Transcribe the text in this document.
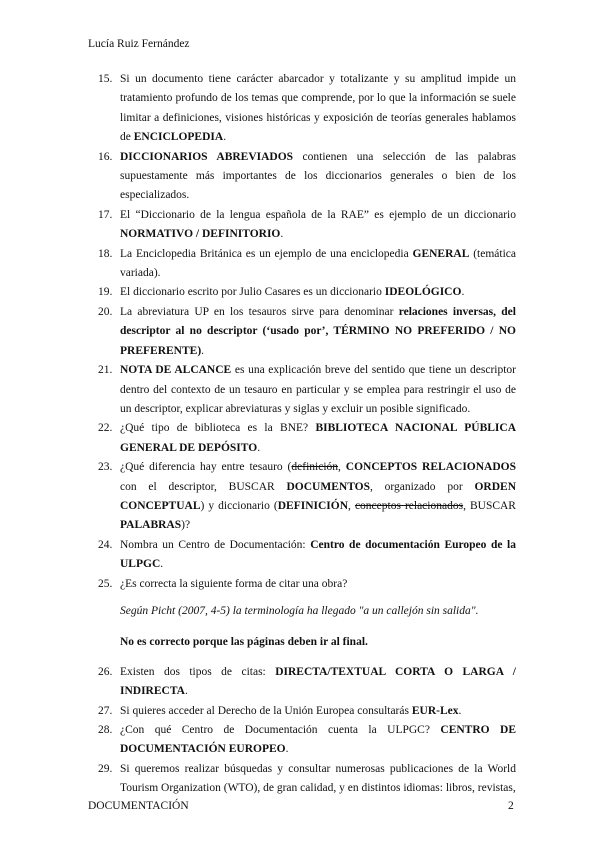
Lucía Ruiz Fernández
15. Si un documento tiene carácter abarcador y totalizante y su amplitud impide un tratamiento profundo de los temas que comprende, por lo que la información se suele limitar a definiciones, visiones históricas y exposición de teorías generales hablamos de ENCICLOPEDIA.
16. DICCIONARIOS ABREVIADOS contienen una selección de las palabras supuestamente más importantes de los diccionarios generales o bien de los especializados.
17. El “Diccionario de la lengua española de la RAE” es ejemplo de un diccionario NORMATIVO / DEFINITORIO.
18. La Enciclopedia Británica es un ejemplo de una enciclopedia GENERAL (temática variada).
19. El diccionario escrito por Julio Casares es un diccionario IDEOLÓGICO.
20. La abreviatura UP en los tesauros sirve para denominar relaciones inversas, del descriptor al no descriptor (‘usado por’, TÉRMINO NO PREFERIDO / NO PREFERENTE).
21. NOTA DE ALCANCE es una explicación breve del sentido que tiene un descriptor dentro del contexto de un tesauro en particular y se emplea para restringir el uso de un descriptor, explicar abreviaturas y siglas y excluir un posible significado.
22. ¿Qué tipo de biblioteca es la BNE? BIBLIOTECA NACIONAL PÚBLICA GENERAL DE DEPÓSITO.
23. ¿Qué diferencia hay entre tesauro (definición, CONCEPTOS RELACIONADOS con el descriptor, BUSCAR DOCUMENTOS, organizado por ORDEN CONCEPTUAL) y diccionario (DEFINICIÓN, conceptos relacionados, BUSCAR PALABRAS)?
24. Nombra un Centro de Documentación: Centro de documentación Europeo de la ULPGC.
25. ¿Es correcta la siguiente forma de citar una obra?
Según Picht (2007, 4-5) la terminología ha llegado "a un callejón sin salida".
No es correcto porque las páginas deben ir al final.
26. Existen dos tipos de citas: DIRECTA/TEXTUAL CORTA O LARGA / INDIRECTA.
27. Si quieres acceder al Derecho de la Unión Europea consultarás EUR-Lex.
28. ¿Con qué Centro de Documentación cuenta la ULPGC? CENTRO DE DOCUMENTACIÓN EUROPEO.
29. Si queremos realizar búsquedas y consultar numerosas publicaciones de la World Tourism Organization (WTO), de gran calidad, y en distintos idiomas: libros, revistas,
DOCUMENTACIÓN	2
